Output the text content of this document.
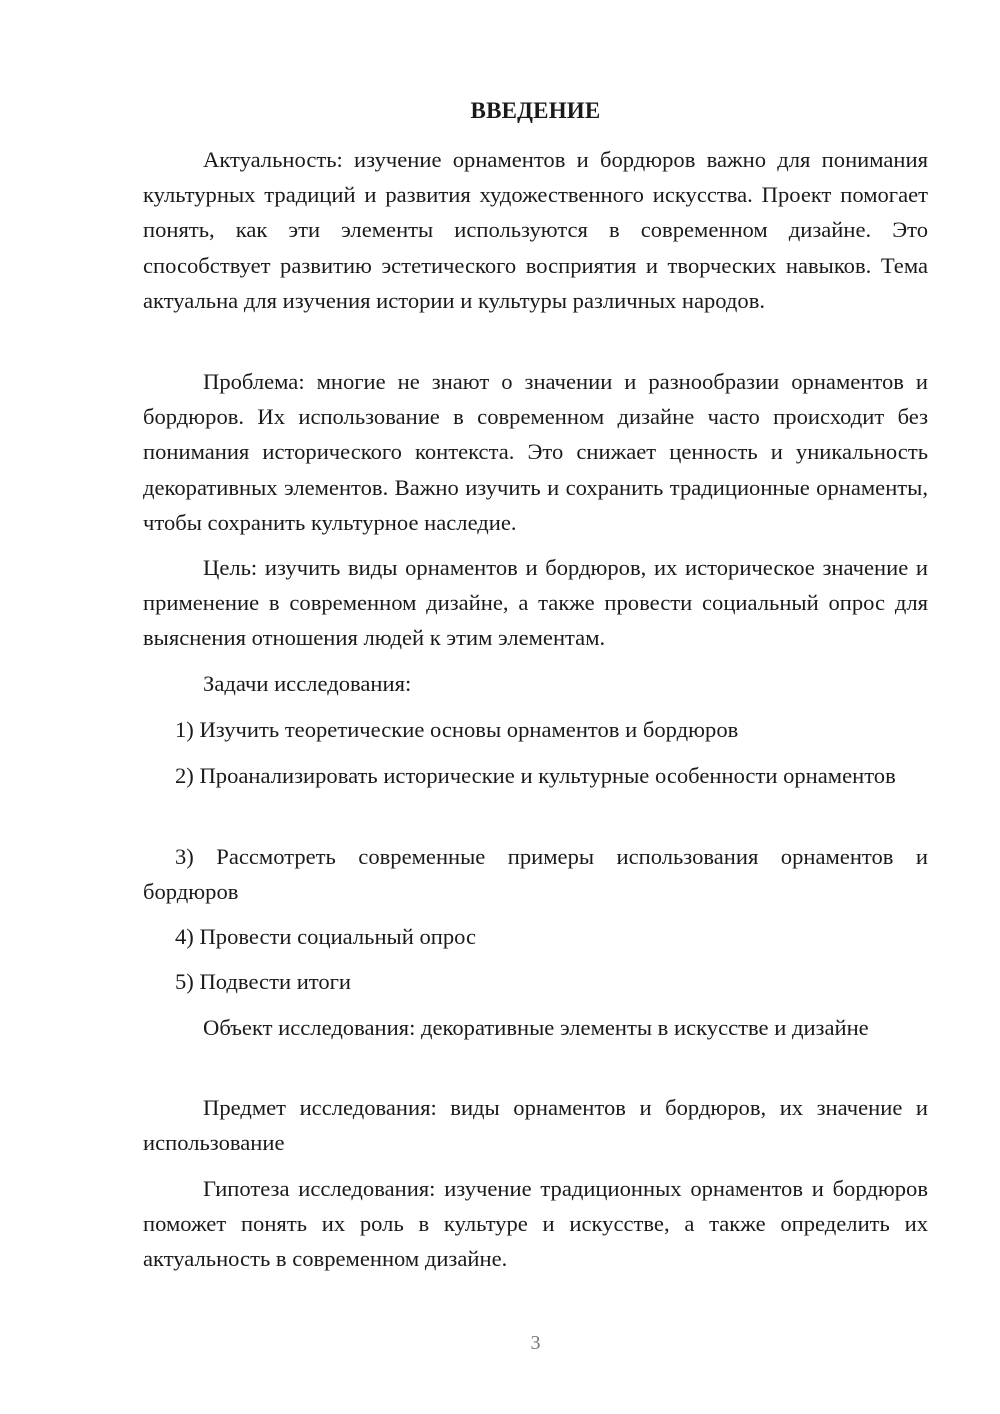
ВВЕДЕНИЕ

Актуальность: изучение орнаментов и бордюров важно для понимания культурных традиций и развития художественного искусства. Проект помогает понять, как эти элементы используются в современном дизайне. Это способствует развитию эстетического восприятия и творческих навыков. Тема актуальна для изучения истории и культуры различных народов.

Проблема: многие не знают о значении и разнообразии орнаментов и бордюров. Их использование в современном дизайне часто происходит без понимания исторического контекста. Это снижает ценность и уникальность декоративных элементов. Важно изучить и сохранить традиционные орнаменты, чтобы сохранить культурное наследие.

Цель: изучить виды орнаментов и бордюров, их историческое значение и применение в современном дизайне, а также провести социальный опрос для выяснения отношения людей к этим элементам.

Задачи исследования:

1) Изучить теоретические основы орнаментов и бордюров

2) Проанализировать исторические и культурные особенности орнаментов

3) Рассмотреть современные примеры использования орнаментов и бордюров

4) Провести социальный опрос

5) Подвести итоги

Объект исследования: декоративные элементы в искусстве и дизайне

Предмет исследования: виды орнаментов и бордюров, их значение и использование

Гипотеза исследования: изучение традиционных орнаментов и бордюров поможет понять их роль в культуре и искусстве, а также определить их актуальность в современном дизайне.

3
